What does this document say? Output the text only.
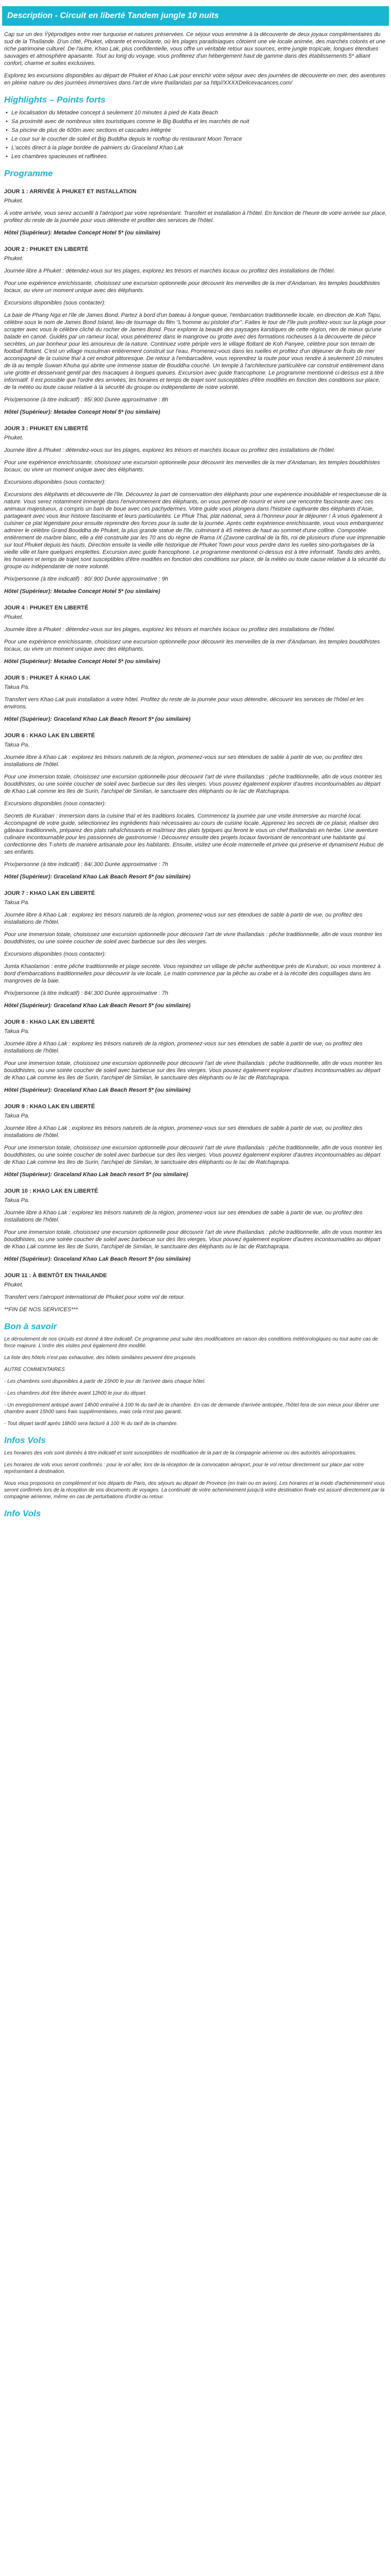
Description - Circuit en liberté Tandem jungle 10 nuits

Cap sur un des Ÿÿéprodiges entre mer turquoise et natures préservées. Ce séjour vous emmène à la découverte de deux joyaux complémentaires du sud de la Thaïlande. D'un côté, Phuket, vibrante et envoûtante, où les plages paradisiaques côtoient une vie locale animée, des marchés colorés et une riche patrimoine culturel. De l'autre, Khao Lak, plus confidentielle, vous offre un véritable retour aux sources, entre jungle tropicale, longues étendues sauvages et atmosphère apaisante. Tout au long du voyage, vous profiterez d'un hébergement haut de gamme dans des établissements 5* alliant confort, charme et suites exclusives.

Explorez les excursions disponibles au départ de Phuket et Khao Lak pour enrichir votre séjour avec des journées de découverte en mer, des aventures en pleine nature ou des journées immersives dans l'art de vivre thaïlandais par sa http//XXXXDelicevacances.com/

Highlights – Points forts
• Le localisation du Metadee concept à seulement 10 minutes à pied de Kata Beach
• Sa proximité avec de nombreux sites touristiques comme le Big Buddha et les marchés de nuit
• Sa piscine de plus de 600m avec sections et cascades intégrée
• Le cour sur le coucher de soleil et Big Buddha depuis le rooftop du restaurant Moon Terrace
• L'accès direct à la plage bordée de palmiers du Graceland Khao Lak
• Les chambres spacieuses et raffinées
Programme
JOUR 1 : ARRIVÉE À PHUKET ET INSTALLATION

Phuket.

À votre arrivée, vous serez accueilli à l'aéroport par votre représentant. Transfert et installation à l'hôtel. En fonction de l'heure de votre arrivée sur place, profitez du reste de la journée pour vous détendre et profiter des services de l'hôtel.

Hôtel (Supérieur): Metadee Concept Hotel 5* (ou similaire)

JOUR 2 : PHUKET EN LIBERTÉ

Phuket.

Journée libre à Phuket : détendez-vous sur les plages, explorez les trésors et marchés locaux ou profitez des installations de l'hôtel.

Pour une expérience enrichissante, choisissez une excursion optionnelle pour découvrir les merveilles de la mer d'Andaman, les temples bouddhistes locaux, ou vivre un moment unique avec des éléphants.

Excursions disponibles (sous contacter):

La baie de Phang Nga et l'île de James Bond. Partez à bord d'un bateau à longue queue, l'embarcation traditionnelle locale, en direction de Koh Tapu, célèbre sous le nom de James Bond Island, lieu de tournage du film "L'homme au pistolet d'or". Faites le tour de l'île puis profitez-vous sur la plage pour scrapter avec vous le célèbre cliché du rocher de James Bond. Pour explorer la beauté des paysages karstiques de cette région, rien de mieux qu'une balade en canoë. Guidés par un rameur local, vous pénétrerez dans le mangrove ou grotte avec des formations rocheuses à la découverte de pièce secrètes, un par bonheur pour les amoureux de la nature. Continuez votre périple vers le village flottant de Koh Panyee, célèbre pour son terrain de football flottant. C'est un village musulman entièrement construit sur l'eau. Promenez-vous dans les ruelles et profitez d'un déjeuner de fruits de mer accompagné de la cuisine thaï à cet endroit pittoresque. De retour à l'embarcadère, vous reprendrez la route pour vous rendre à seulement 10 minutes de là au temple Suwan Khuha qui abrite une immense statue de Bouddha couché. Un temple à l'architecture particulière car construit entièrement dans une grotte et desservant gentil par des macaques à longues queues. Excursion avec guide francophone. Le programme mentionné ci-dessus est à titre informatif. Il est possible que l'ordre des arrivées, les horaires et temps de trajet sont susceptibles d'être modifiés en fonction des conditions sur place, de la météo ou toute cause relative à la sécurité du groupe ou indépendante de notre volonté.

Prix/personne (à titre indicatif) : 85/.900 Durée approximative : 8h

Hôtel (Supérieur): Metadee Concept Hotel 5* (ou similaire)

JOUR 3 : PHUKET EN LIBERTÉ

Phuket.

Journée libre à Phuket : détendez-vous sur les plages, explorez les trésors et marchés locaux ou profitez des installations de l'hôtel.

Pour une expérience enrichissante, choisissez une excursion optionnelle pour découvrir les merveilles de la mer d'Andaman, les temples bouddhistes locaux, ou vivre un moment unique avec des éléphants.

Excursions disponibles (sous contacter):

Excursions des éléphants et découverte de l'île. Découvrez la part de conservation des éléphants pour une expérience inoubliable et respectueuse de la nature. Vous serez notamment immergé dans l'environnement des éléphants, on vous permet de nourrir et vivre une rencontre fascinante avec ces animaux majestueux, a compris un bain de boue avec ces pachydermes. Votre guide vous plongera dans l'histoire captivante des éléphants d'Asie, partageant avec vous leur histoire fascinante et leurs particularités. Le Phuk Thai, plat national, sera à l'honneur pour le déjeuner ! À vous également à cuisiner ce plat légendaire pour ensuite reprendre des forces pour la suite de la journée. Après cette expérience enrichissante, vous vous embarquerez admirer le célèbre Grand Bouddha de Phuket, la plus grande statue de l'île, culminant à 45 mètres de haut au sommet d'une colline. Compostée entièrement de marbre blanc, elle a été construite par les 70 ans du règne de Rama IX (Zavone cardinal de la fils, roi de plusieurs d'une vue imprenable sur tout Phuket depuis les hauts. Direction ensuite la vieille ville historique de Phuket Town pour vous perdre dans les ruelles sino-portugaises de la vieille ville et faire quelques emplettes. Excursion avec guide francophone. Le programme mentionné ci-dessus est à titre informatif. Tandis des arrêts, les horaires et temps de trajet sont susceptibles d'être modifiés en fonction des conditions sur place, de la météo ou toute cause relative à la sécurité du groupe ou indépendante de notre volonté.

Prix/personne (à titre indicatif) : 80/.900 Durée approximative : 9h

Hôtel (Supérieur): Metadee Concept Hotel 5* (ou similaire)

JOUR 4 : PHUKET EN LIBERTÉ

Phuket.

Journée libre à Phuket : détendez-vous sur les plages, explorez les trésors et marchés locaux ou profitez des installations de l'hôtel.

Pour une expérience enrichissante, choisissez une excursion optionnelle pour découvrir les merveilles de la mer d'Andaman, les temples bouddhistes locaux, ou vivre un moment unique avec des éléphants.

Hôtel (Supérieur): Metadee Concept Hotel 5* (ou similaire)

JOUR 5 : PHUKET À KHAO LAK

Takua Pa.

Transfert vers Khao Lak puis installation à votre hôtel. Profitez du reste de la journée pour vous détendre, découvrir les services de l'hôtel et les environs.

Hôtel (Supérieur): Graceland Khao Lak Beach Resort 5* (ou similaire)

JOUR 6 : KHAO LAK EN LIBERTÉ

Takua Pa.

Journée libre à Khao Lak : explorez les trésors naturels de la région, promenez-vous sur ses étendues de sable à partir de vue, ou profitez des installations de l'hôtel.

Pour une immersion totale, choisissez une excursion optionnelle pour découvrir l'art de vivre thaïlandais : pêche traditionnelle, afin de vous montrer les bouddhistes, ou une soirée coucher de soleil avec barbecue sur des îles vierges. Vous pouvez également explorer d'autres incontournables au départ de Khao Lak comme les îles de Surin, l'archipel de Similan, le sanctuaire des éléphants ou le lac de Ratchaprapa.

Excursions disponibles (nous contacter):

Secrets de Kurabari : immersion dans la cuisine thaï et les traditions locales. Commencez la journée par une visite immersive au marché local. Accompagné de votre guide, sélectionnez les ingrédients frais nécessaires au cours de cuisine locale. Apprenez les secrets de ce plaisir, réaliser des gâteaux traditionnels, préparez des plats rafraîchissants et maîtrisez des plats typiques qui feront le vous un chef thaïlandais en herbe. Une aventure culinaire incontournable pour les passionnés de gastronomie ! Découvrez ensuite des projets locaux favorisant de rencontrant une habitante qui confectionne des T-shirts de manière artisanale pour les habitants. Ensuite, visitez une école maternelle et privée qui préserve et dynamisent Hubuc de ses enfants.

Prix/personne (à titre indicatif) : 84/.300 Durée approximative : 7h

Hôtel (Supérieur): Graceland Khao Lak Beach Resort 5* (ou similaire)

JOUR 7 : KHAO LAK EN LIBERTÉ

Takua Pa.

Journée libre à Khao Lak : explorez les trésors naturels de la région, promenez-vous sur ses étendues de sable à partir de vue, ou profitez des installations de l'hôtel.

Pour une immersion totale, choisissez une excursion optionnelle pour découvrir l'art de vivre thaïlandais : pêche traditionnelle, afin de vous montrer les bouddhistes, ou une soirée coucher de soleil avec barbecue sur des îles vierges.

Excursions disponibles (nous contacter):

Jumla Khaolamon : entre pêche traditionnelle et plage secrète. Vous rejoindrez un village de pêche authentique près de Kuraburi, où vous monterez à bord d'embarcations traditionnelles pour découvrir la vie locale. Le matin commence par la pêche au crabe et à la récolte des coquillages dans les mangroves de la baie.

Prix/personne (à titre indicatif) : 84/.300 Durée approximative : 7h

Hôtel (Supérieur): Graceland Khao Lak Beach Resort 5* (ou similaire)

JOUR 8 : KHAO LAK EN LIBERTÉ

Takua Pa.

Journée libre à Khao Lak : explorez les trésors naturels de la région, promenez-vous sur ses étendues de sable à partir de vue, ou profitez des installations de l'hôtel.

Pour une immersion totale, choisissez une excursion optionnelle pour découvrir l'art de vivre thaïlandais : pêche traditionnelle, afin de vous montrer les bouddhistes, ou une soirée coucher de soleil avec barbecue sur des îles vierges. Vous pouvez également explorer d'autres incontournables au départ de Khao Lak comme les îles de Surin, l'archipel de Similan, le sanctuaire des éléphants ou le lac de Ratchaprapa.

Hôtel (Supérieur): Graceland Khao Lak Beach Resort 5* (ou similaire)

JOUR 9 : KHAO LAK EN LIBERTÉ

Takua Pa.

Journée libre à Khao Lak : explorez les trésors naturels de la région, promenez-vous sur ses étendues de sable à partir de vue, ou profitez des installations de l'hôtel.

Pour une immersion totale, choisissez une excursion optionnelle pour découvrir l'art de vivre thaïlandais : pêche traditionnelle, afin de vous montrer les bouddhistes, ou une soirée coucher de soleil avec barbecue sur des îles vierges. Vous pouvez également explorer d'autres incontournables au départ de Khao Lak comme les îles de Surin, l'archipel de Similan, le sanctuaire des éléphants ou le lac de Ratchaprapa.

Hôtel (Supérieur): Graceland Khao Lak beach resort 5* (ou similaire)

JOUR 10 : KHAO LAK EN LIBERTÉ

Takua Pa.

Journée libre à Khao Lak : explorez les trésors naturels de la région, promenez-vous sur ses étendues de sable à partir de vue, ou profitez des installations de l'hôtel.

Pour une immersion totale, choisissez une excursion optionnelle pour découvrir l'art de vivre thaïlandais : pêche traditionnelle, afin de vous montrer les bouddhistes, ou une soirée coucher de soleil avec barbecue sur des îles vierges. Vous pouvez également explorer d'autres incontournables au départ de Khao Lak comme les îles de Surin, l'archipel de Similan, le sanctuaire des éléphants ou le lac de Ratchaprapa.

Hôtel (Supérieur): Graceland Khao Lak Beach Resort 5* (ou similaire)

JOUR 11 : À BIENTÔT EN THAILANDE

Phuket.

Transfert vers l'aéroport international de Phuket pour votre vol de retour.

**FIN DE NOS SERVICES***

Bon à savoir

Le déroulement de nos circuits est donné à titre indicatif. Ce programme peut subir des modifications en raison des conditions météorologiques ou tout autre cas de force majeure. L'ordre des visites peut également être modifié.

La liste des hôtels n'est pas exhaustive, des hôtels similaires peuvent être proposés

AUTRE COMMENTAIRES

- Les chambres sont disponibles à partir de 15h00 le jour de l'arrivée dans chaque hôtel.

- Les chambres doit être libérée avant 12h00 le jour du départ.

- Un enregistrement anticipé avant 14h00 entraîné à 100 % du tarif de la chambre. En cas de demande d'arrivée anticipée, l'hôtel fera de son mieux pour libérer une chambre avant 15h00 sans frais supplémentaires, mais cela n'est pas garanti.

- Tout départ tardif après 18h00 sera facturé à 100 % du tarif de la chambre.

Infos Vols

Les horaires des vols sont donnés à titre indicatif et sont susceptibles de modification de la part de la compagnie aérienne ou des autorités aéroportuaires.

Les horaires de vols vous seront confirmés : pour le vol aller, lors de la réception de la convocation aéroport, pour le vol retour directement sur place par votre représentant à destination.

Nous vous proposons en complément et nos départs de Paris, des séjours au départ de Province (en train ou en avion). Les horaires et la mode d'acheminement vous seront confirmés lors de la réception de vos documents de voyages. La continuité de votre acheminement jusqu'à votre destination finale est assuré directement par la compagnie aérienne, même en cas de perturbations d'ordre ou retour.

Info Vols
